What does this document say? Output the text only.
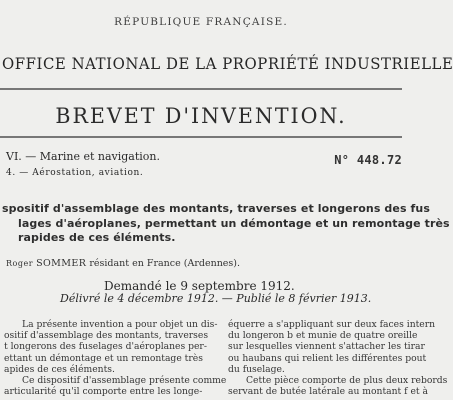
RÉPUBLIQUE FRANÇAISE.
OFFICE NATIONAL DE LA PROPRIÉTÉ INDUSTRIELLE
BREVET D'INVENTION.
VI. — Marine et navigation.
4. — Aérostation, aviation.
N° 448.72
spositif d'assemblage des montants, traverses et longerons des fus
lages d'aéroplanes, permettant un démontage et un remontage très
rapides de ces éléments.
Roger SOMMER résidant en France (Ardennes).
Demandé le 9 septembre 1912.
Délivré le 4 décembre 1912. — Publié le 8 février 1913.
La présente invention a pour objet un dis-
ositif d'assemblage des montants, traverses
t longerons des fuselages d'aéroplanes per-
ettant un démontage et un remontage très
apides de ces éléments.
Ce dispositif d'assemblage présente comme
articularité qu'il comporte entre les longe-
équerre a s'appliquant sur deux faces intern
du longeron b et munie de quatre oreille
sur lesquelles viennent s'attacher les tirar
ou haubans qui relient les différentes pout
du fuselage.
Cette pièce comporte de plus deux rebords
servant de butée latérale au montant f et à
